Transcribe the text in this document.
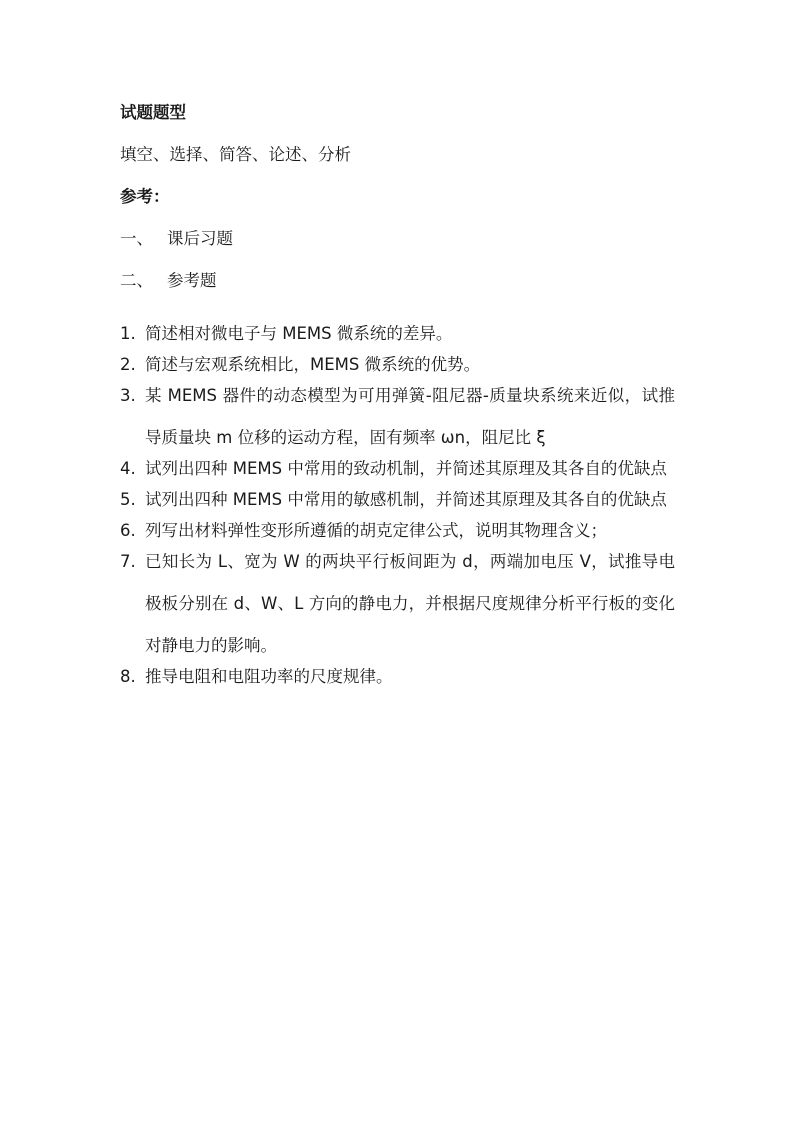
试题题型
填空、选择、简答、论述、分析
参考：
一、 课后习题
二、 参考题
1. 简述相对微电子与 MEMS 微系统的差异。
2. 简述与宏观系统相比，MEMS 微系统的优势。
3. 某 MEMS 器件的动态模型为可用弹簧-阻尼器-质量块系统来近似，试推导质量块 m 位移的运动方程，固有频率 ωn，阻尼比 ξ
4. 试列出四种 MEMS 中常用的致动机制，并简述其原理及其各自的优缺点
5. 试列出四种 MEMS 中常用的敏感机制，并简述其原理及其各自的优缺点
6. 列写出材料弹性变形所遵循的胡克定律公式，说明其物理含义；
7. 已知长为 L、宽为 W 的两块平行板间距为 d，两端加电压 V，试推导电极板分别在 d、W、L 方向的静电力，并根据尺度规律分析平行板的变化对静电力的影响。
8. 推导电阻和电阻功率的尺度规律。
